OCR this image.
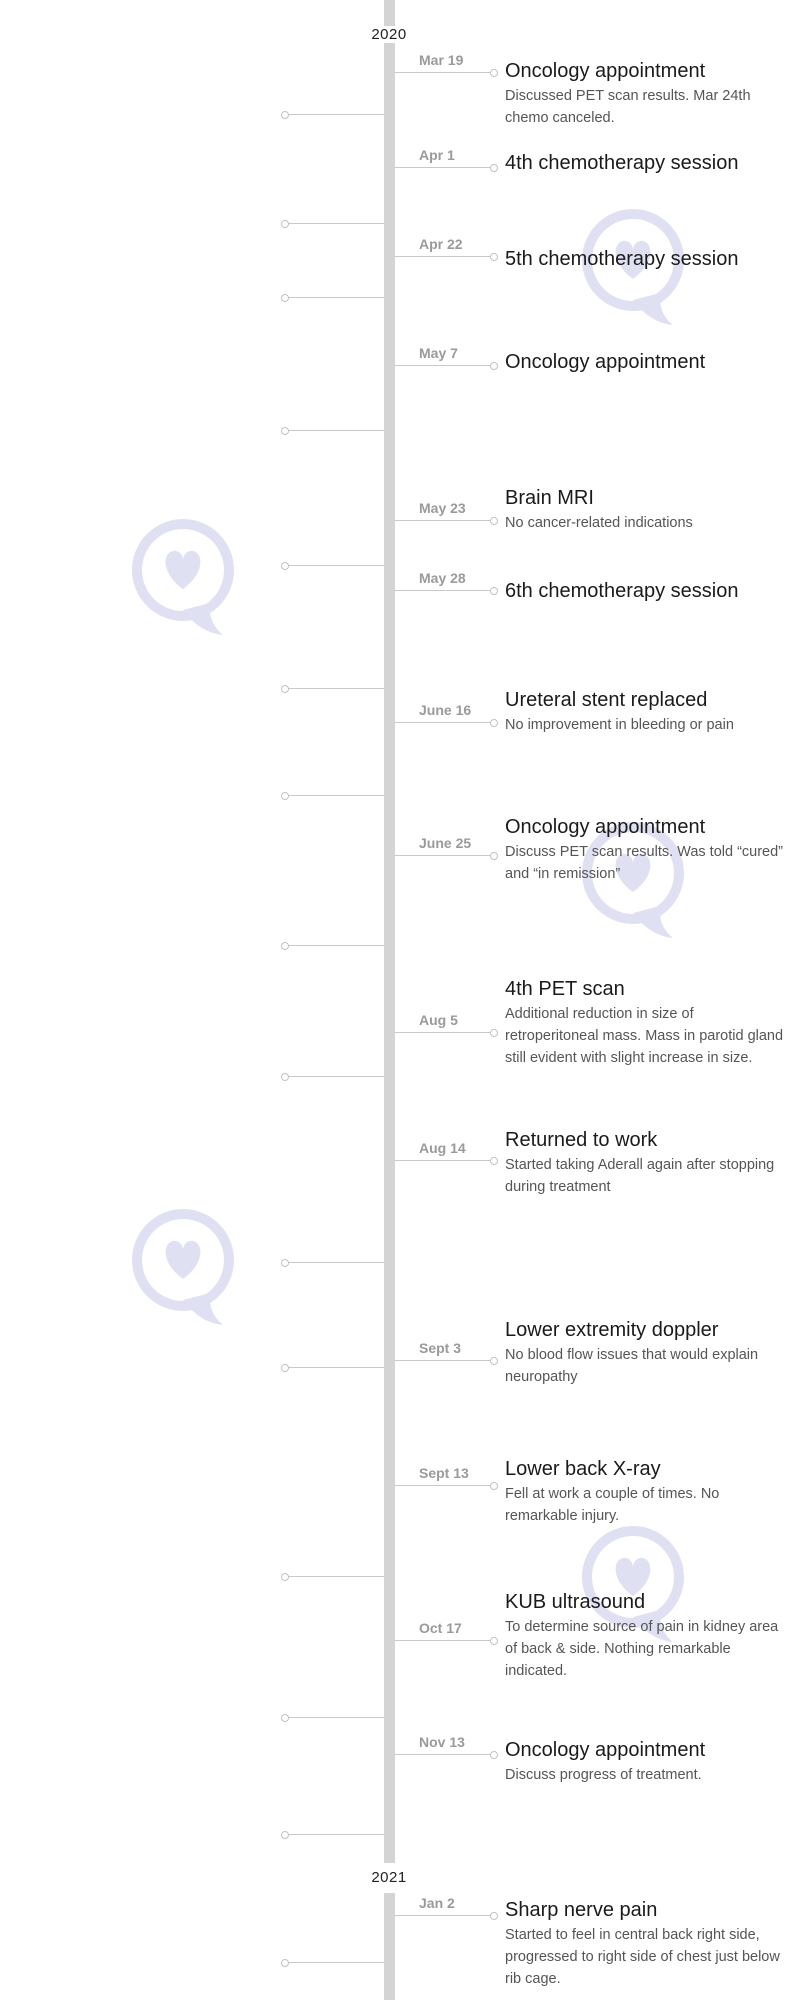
2020
2021
Mar 19 Oncology appointment
Discussed PET scan results. Mar 24th chemo canceled.
Apr 1	4th chemotherapy session
Apr 22
5th chemotherapy session
May 7 Oncology appointment
May 23 Brain MRI
No cancer-related indications
May 28
6th chemotherapy session
June 16 Ureteral stent replaced
No improvement in bleeding or pain
June 25
Oncology appointment
Discuss PET scan results. Was told “cured” and “in remission”
Aug 5
4th PET scan
Additional reduction in size of retroperitoneal mass. Mass in parotid gland still evident with slight increase in size.
Aug 14 Returned to work
Started taking Aderall again after stopping during treatment
Sept 3
Lower extremity doppler
No blood flow issues that would explain neuropathy
Sept 13 Lower back X-ray
Fell at work a couple of times. No remarkable injury.
Oct 17
KUB ultrasound
To determine source of pain in kidney area of back & side. Nothing remarkable indicated.
Nov 13 Oncology appointment
Discuss progress of treatment.
Jan 2	Sharp nerve pain
Started to feel in central back right side, progressed to right side of chest just below rib cage.
